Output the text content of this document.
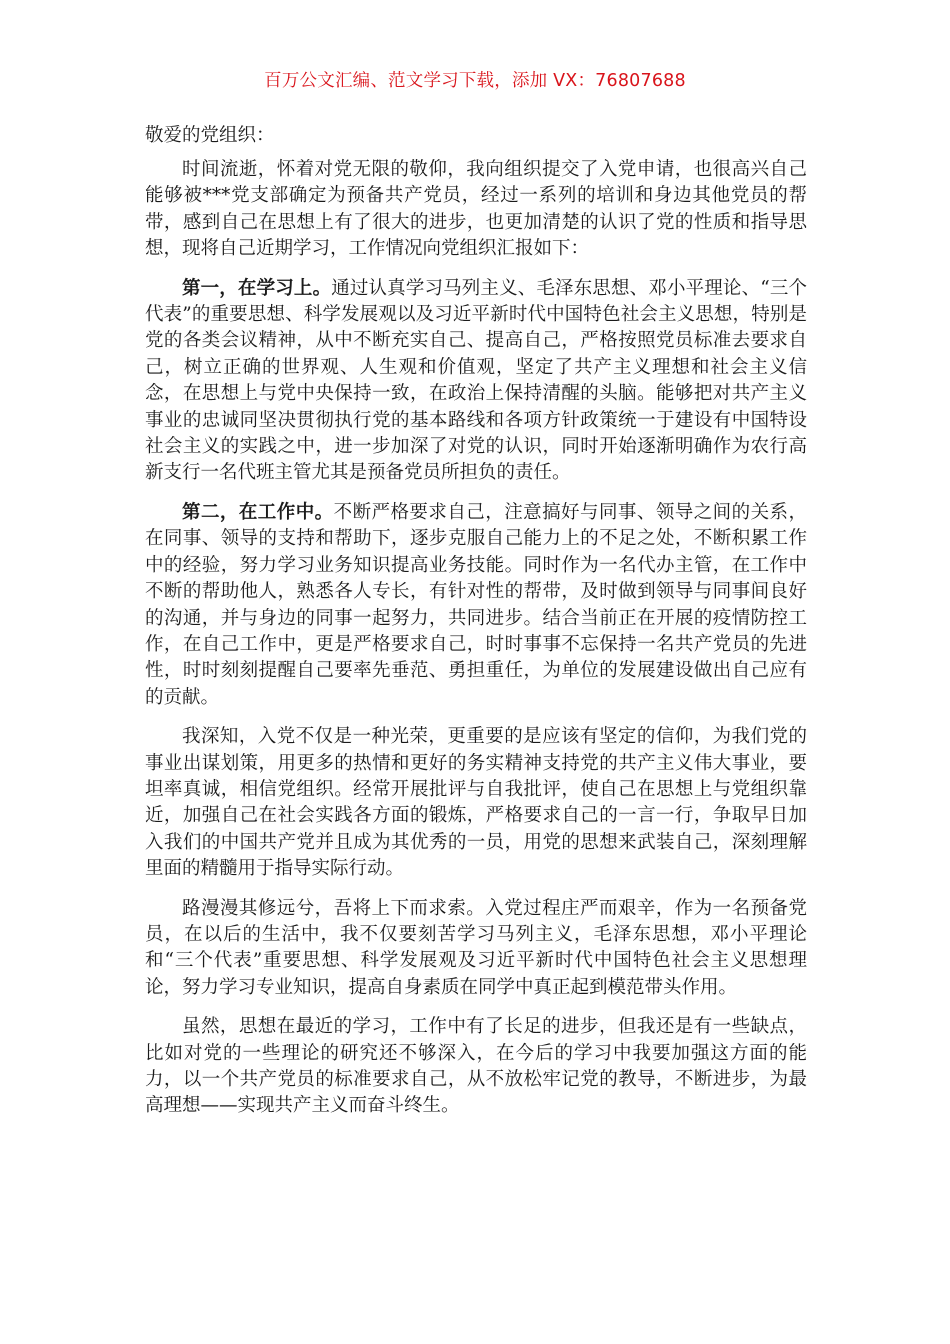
百万公文汇编、范文学习下载，添加 VX：76807688

敬爱的党组织：

时间流逝，怀着对党无限的敬仰，我向组织提交了入党申请，也很高兴自己能够被***党支部确定为预备共产党员，经过一系列的培训和身边其他党员的帮带，感到自己在思想上有了很大的进步，也更加清楚的认识了党的性质和指导思想，现将自己近期学习，工作情况向党组织汇报如下：

第一，在学习上。通过认真学习马列主义、毛泽东思想、邓小平理论、“三个代表”的重要思想、科学发展观以及习近平新时代中国特色社会主义思想，特别是党的各类会议精神，从中不断充实自己、提高自己，严格按照党员标准去要求自己，树立正确的世界观、人生观和价值观，坚定了共产主义理想和社会主义信念，在思想上与党中央保持一致，在政治上保持清醒的头脑。能够把对共产主义事业的忠诚同坚决贯彻执行党的基本路线和各项方针政策统一于建设有中国特设社会主义的实践之中，进一步加深了对党的认识，同时开始逐渐明确作为农行高新支行一名代班主管尤其是预备党员所担负的责任。

第二，在工作中。不断严格要求自己，注意搞好与同事、领导之间的关系，在同事、领导的支持和帮助下，逐步克服自己能力上的不足之处，不断积累工作中的经验，努力学习业务知识提高业务技能。同时作为一名代办主管，在工作中不断的帮助他人，熟悉各人专长，有针对性的帮带，及时做到领导与同事间良好的沟通，并与身边的同事一起努力，共同进步。结合当前正在开展的疫情防控工作，在自己工作中，更是严格要求自己，时时事事不忘保持一名共产党员的先进性，时时刻刻提醒自己要率先垂范、勇担重任，为单位的发展建设做出自己应有的贡献。

我深知，入党不仅是一种光荣，更重要的是应该有坚定的信仰，为我们党的事业出谋划策，用更多的热情和更好的务实精神支持党的共产主义伟大事业，要坦率真诚，相信党组织。经常开展批评与自我批评，使自己在思想上与党组织靠近，加强自己在社会实践各方面的锻炼，严格要求自己的一言一行，争取早日加入我们的中国共产党并且成为其优秀的一员，用党的思想来武装自己，深刻理解里面的精髓用于指导实际行动。

路漫漫其修远兮，吾将上下而求索。入党过程庄严而艰辛，作为一名预备党员，在以后的生活中，我不仅要刻苦学习马列主义，毛泽东思想，邓小平理论和“三个代表”重要思想、科学发展观及习近平新时代中国特色社会主义思想理论，努力学习专业知识，提高自身素质在同学中真正起到模范带头作用。

虽然，思想在最近的学习，工作中有了长足的进步，但我还是有一些缺点，比如对党的一些理论的研究还不够深入，在今后的学习中我要加强这方面的能力，以一个共产党员的标准要求自己，从不放松牢记党的教导，不断进步，为最高理想——实现共产主义而奋斗终生。
